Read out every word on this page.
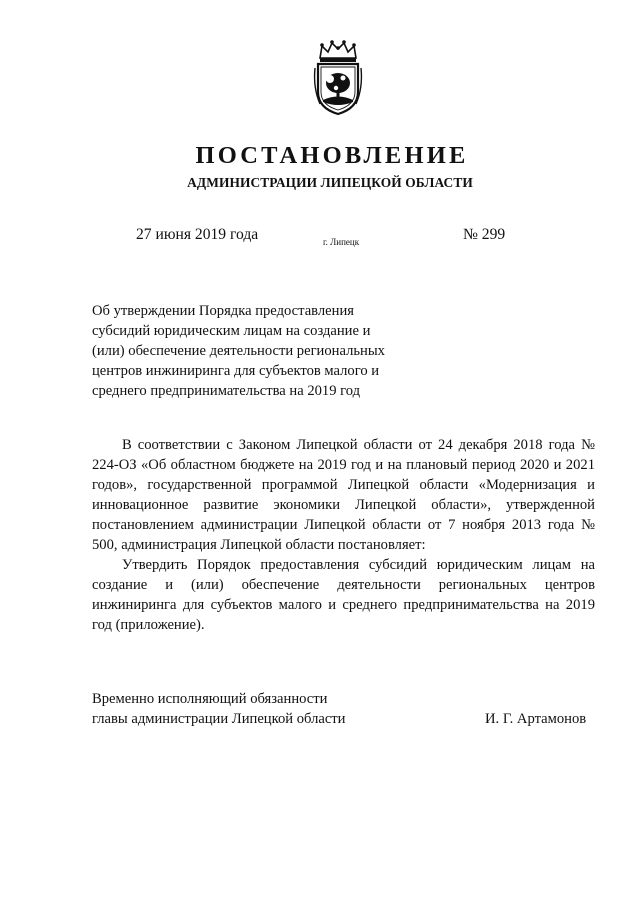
ПОСТАНОВЛЕНИЕ
АДМИНИСТРАЦИИ ЛИПЕЦКОЙ ОБЛАСТИ
27 июня 2019 года	г. Липецк	№ 299
Об утверждении Порядка предоставления
субсидий юридическим лицам на создание и
(или) обеспечение деятельности региональных
центров инжиниринга для субъектов малого и
среднего предпринимательства на 2019 год

В соответствии с Законом Липецкой области от 24 декабря 2018 года № 224-ОЗ «Об областном бюджете на 2019 год и на плановый период 2020 и 2021 годов», государственной программой Липецкой области «Модернизация и инновационное развитие экономики Липецкой области», утвержденной постановлением администрации Липецкой области от 7 ноября 2013 года № 500, администрация Липецкой области постановляет:

Утвердить Порядок предоставления субсидий юридическим лицам на создание и (или) обеспечение деятельности региональных центров инжиниринга для субъектов малого и среднего предпринимательства на 2019 год (приложение).

Временно исполняющий обязанности
главы администрации Липецкой области	И. Г. Артамонов
